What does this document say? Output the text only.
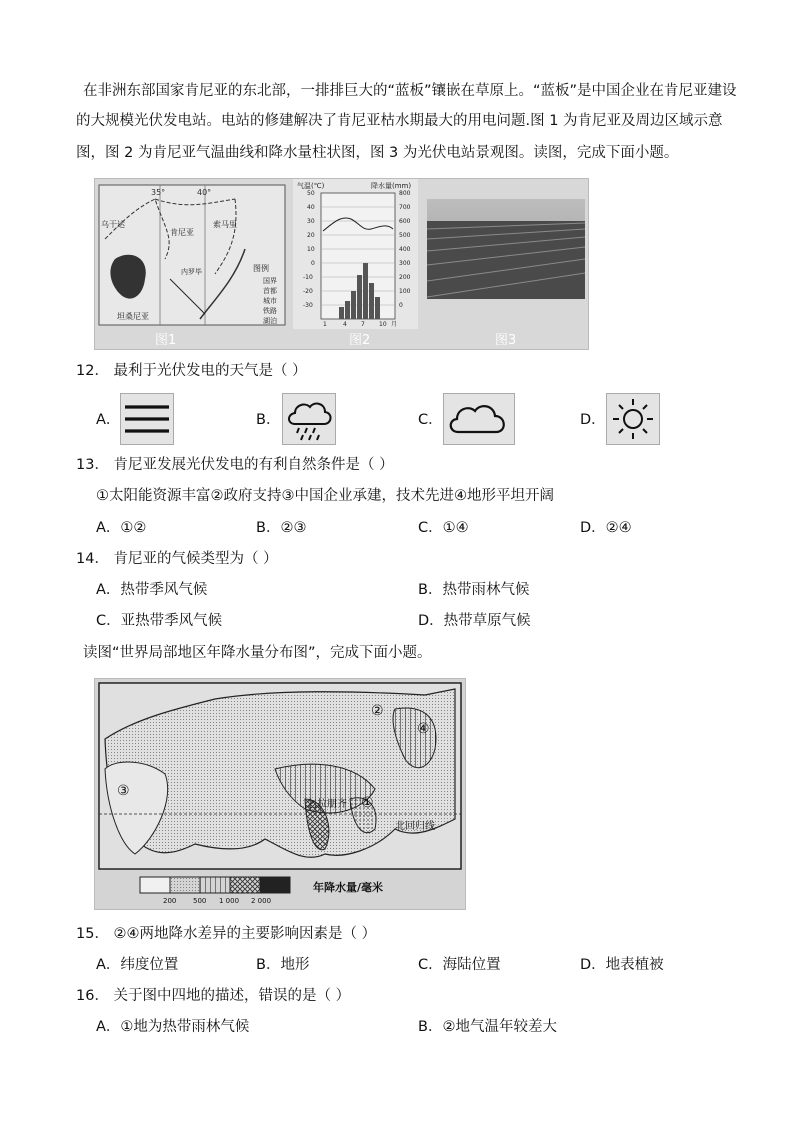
在非洲东部国家肯尼亚的东北部，一排排巨大的“蓝板”镶嵌在草原上。“蓝板”是中国企业在肯尼亚建设
的大规模光伏发电站。电站的修建解决了肯尼亚枯水期最大的用电问题.图 1 为肯尼亚及周边区域示意
图，图 2 为肯尼亚气温曲线和降水量柱状图，图 3 为光伏电站景观图。读图，完成下面小题。
35°	40°
乌干达
肯尼亚
索马里
内罗毕
坦桑尼亚
图例
国界
首都
城市
铁路
湖泊
气温(℃)	降水量(mm)
50
40
30
20
10
0
-10
-20
-30
800
700
600
500
400
300
200
100
0
1	4 7 10 月
图1	图2	图3
12． 最利于光伏发电的天气是（ ）
A．	B．	C．	D．
13． 肯尼亚发展光伏发电的有利自然条件是（ ）
①太阳能资源丰富②政府支持③中国企业承建，技术先进④地形平坦开阔
A．①②	B．②③	C．①④	D．②④
14． 肯尼亚的气候类型为（ ）
A．热带季风气候	B．热带雨林气候
C．亚热带季风气候	D．热带草原气候
读图“世界局部地区年降水量分布图”，完成下面小题。
①
②
③
④
乞拉朋齐
北回归线
200 500 1 000 2 000
年降水量/毫米
15． ②④两地降水差异的主要影响因素是（ ）
A．纬度位置	B．地形	C．海陆位置	D．地表植被
16． 关于图中四地的描述，错误的是（ ）
A．①地为热带雨林气候	B．②地气温年较差大
